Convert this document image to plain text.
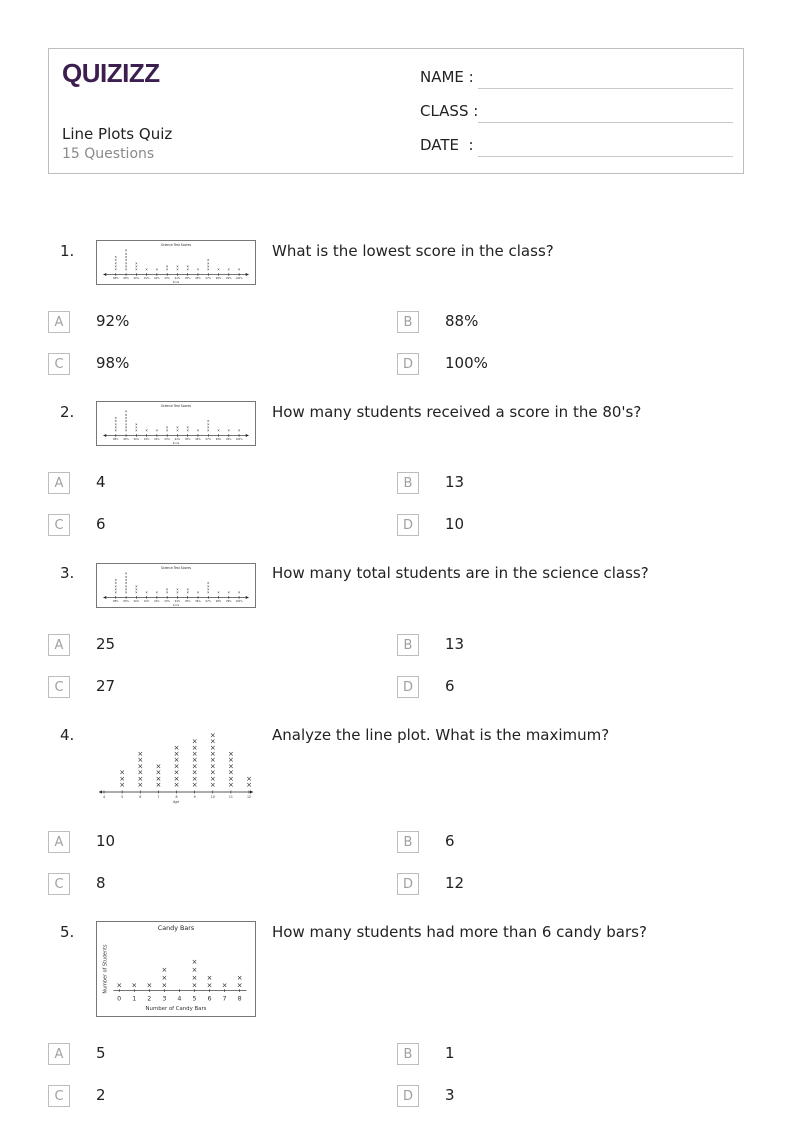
QUIZIZZ
Line Plots Quiz
15 Questions
NAME :
CLASS :
DATE  :
1.	Science Test Scores
88%
×
×
×
×
×
89%
×
×
×
×
×
×
×
90%
×
×
×
91%
×
92%
×
93%
×
×
94%
×
×
95%
×
×
96%
×
97%
×
×
×
×
98%
×
99%
×
100%
×
Score
What is the lowest score in the class?
A	92%	B	88%
C	98%	D	100%
2.	Science Test Scores
88%
×
×
×
×
×
89%
×
×
×
×
×
×
×
90%
×
×
×
91%
×
92%
×
93%
×
×
94%
×
×
95%
×
×
96%
×
97%
×
×
×
×
98%
×
99%
×
100%
×
Score
How many students received a score in the 80's?
A	4	B	13
C	6	D	10
3.	Science Test Scores
88%
×
×
×
×
×
89%
×
×
×
×
×
×
×
90%
×
×
×
91%
×
92%
×
93%
×
×
94%
×
×
95%
×
×
96%
×
97%
×
×
×
×
98%
×
99%
×
100%
×
Score
How many total students are in the science class?
A	25	B	13
C	27	D	6
4.
4	5
×
×
×
6
×
×
×
×
×
×
7
×
×
×
×
8
×
×
×
×
×
×
×
9
×
×
×
×
×
×
×
×
10
×
×
×
×
×
×
×
×
×
11
×
×
×
×
×
×
12
×
×
Age
Analyze the line plot. What is the maximum?
A	10	B	6
C	8	D	12
5.	Candy Bars
0
×
1
×
2
×
3
×
×
×
4 5
×
×
×
×
6
×
×
7
×
8
×
×
Number of Candy Bars
Number of Students
How many students had more than 6 candy bars?
A	5	B	1
C	2	D	3
